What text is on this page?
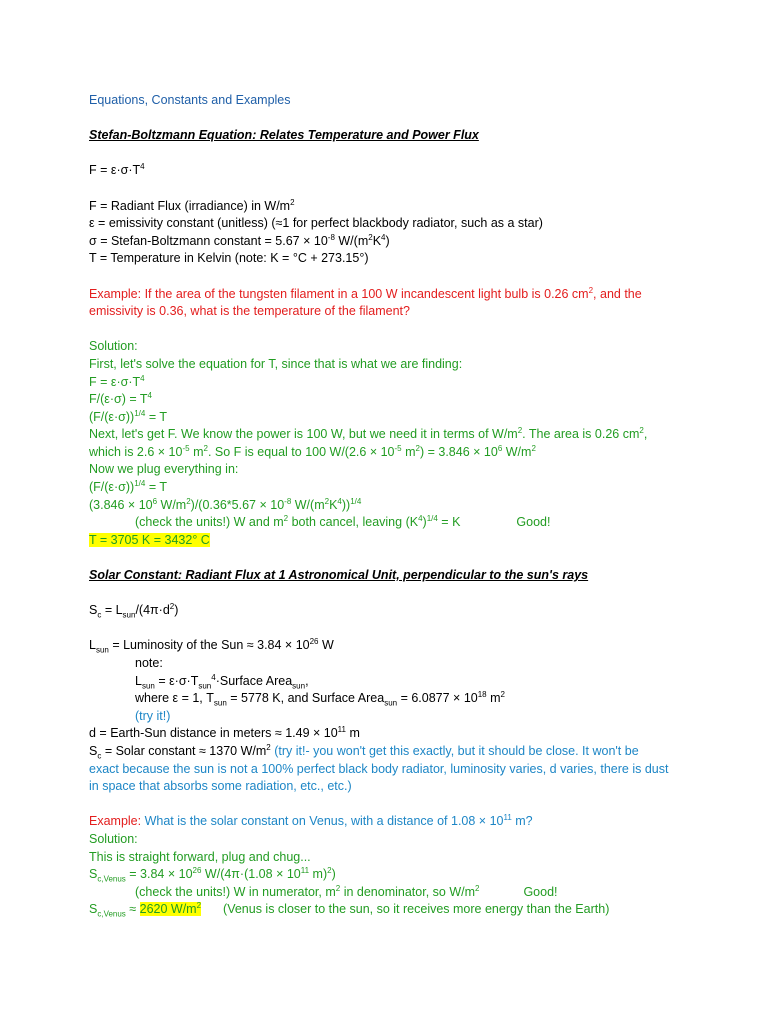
Equations, Constants and Examples
Stefan-Boltzmann Equation: Relates Temperature and Power Flux
$F = \varepsilon\cdot\sigma\cdot T^4$
F = Radiant Flux (irradiance) in $W/m^2$
ε = emissivity constant (unitless) (≈1 for perfect blackbody radiator, such as a star)
σ = Stefan-Boltzmann constant = $5.67 \times 10^{-8}$ $W/(m^2K^4)$
T = Temperature in Kelvin (note: K = °C + 273.15°)
Example: If the area of the tungsten filament in a 100 W incandescent light bulb is 0.26 $cm^2$, and the
emissivity is 0.36, what is the temperature of the filament?
Solution:
First, let's solve the equation for T, since that is what we are finding:
$F = \varepsilon\cdot\sigma\cdot T^4$
$F/(\varepsilon\cdot\sigma) = T^4$
$(F/(\varepsilon\cdot\sigma))^{1/4} = T$
Next, let's get F. We know the power is 100 W, but we need it in terms of $W/m^2$. The area is 0.26 $cm^2$,
which is $2.6 \times 10^{-5}$ $m^2$. So F is equal to 100 $W/(2.6 \times 10^{-5}$ $m^2) = 3.846 \times 10^6$ $W/m^2$
Now we plug everything in:
$(F/(\varepsilon\cdot\sigma))^{1/4} = T$
($3.846 \times 10^6$ $W/m^2)/(0.36*5.67 \times 10^{-8}$ $W/(m^2K^4))^{1/4}$
(check the units!) W and $m^2$ both cancel, leaving $(K^4)^{1/4} = K$	Good!
T = 3705 K = 3432° C
Solar Constant: Radiant Flux at 1 Astronomical Unit, perpendicular to the sun's rays
$S_c = L_{sun}/(4\pi\cdot d^2)$
$L_{sun}$ = Luminosity of the Sun ≈ $3.84 \times 10^{26}$ W
note:
$L_{sun}$ = $\varepsilon\cdot\sigma\cdot T_{sun}^4\cdot Surface$ Area$_{sun}$,
where ε = 1, $T_{sun} = 5778$ K, and Surface Area$_{sun}$ = $6.0877 \times 10^{18}$ $m^2$
(try it!)
d = Earth-Sun distance in meters ≈ $1.49 \times 10^{11}$ m
$S_c$ = Solar constant ≈ 1370 $W/m^2$ (try it!- you won't get this exactly, but it should be close. It won't be
exact because the sun is not a 100% perfect black body radiator, luminosity varies, d varies, there is dust
in space that absorbs some radiation, etc., etc.)
Example: What is the solar constant on Venus, with a distance of $1.08 \times 10^{11}$ m?
Solution:
This is straight forward, plug and chug...
$S_{c,Venus} = 3.84 \times 10^{26}$ $W/(4\pi\cdot(1.08 \times 10^{11}$ m)$^2$)
(check the units!) W in numerator, $m^2$ in denominator, so $W/m^2$	Good!
$S_{c,Venus} \approx 2620$ $W/m^2$ (Venus is closer to the sun, so it receives more energy than the Earth)
